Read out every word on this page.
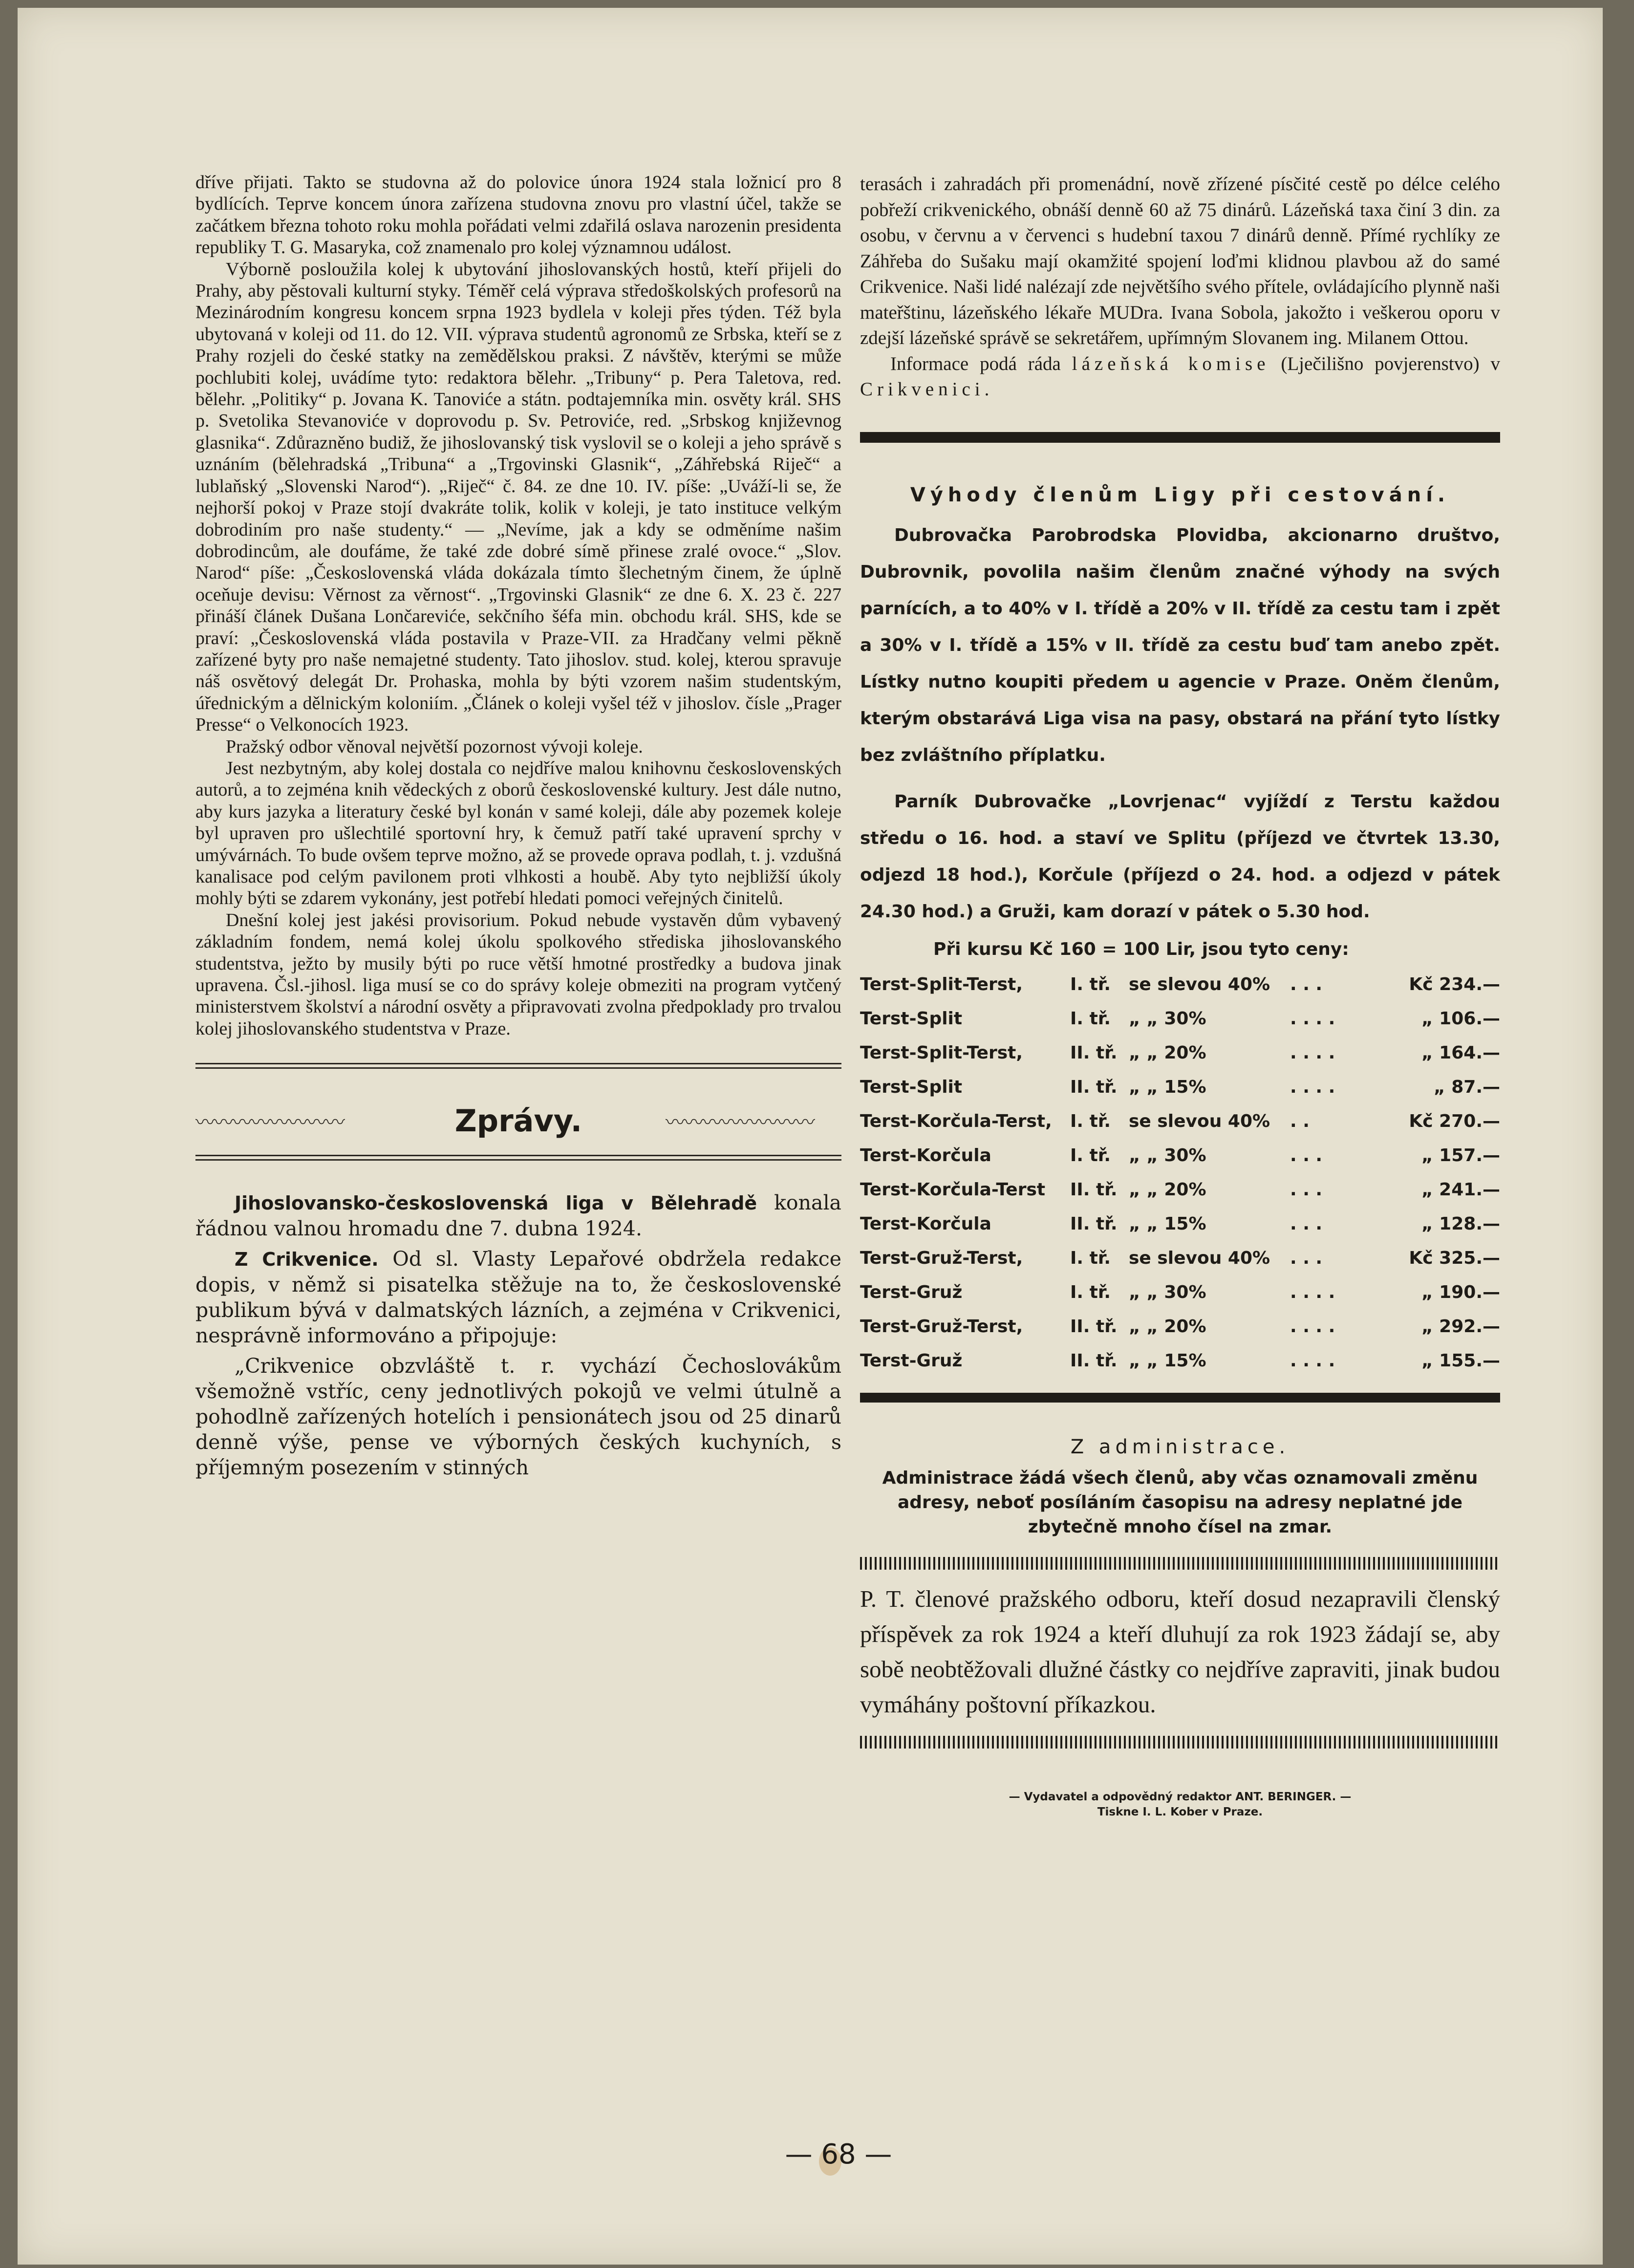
dříve přijati. Takto se studovna až do polovice února 1924 stala ložnicí pro 8 bydlících. Teprve koncem února zařízena studovna znovu pro vlastní účel, takže se začátkem března tohoto roku mohla pořádati velmi zdařilá oslava narozenin presidenta republiky T. G. Masaryka, což znamenalo pro kolej významnou událost.

Výborně posloužila kolej k ubytování jihoslovanských hostů, kteří přijeli do Prahy, aby pěstovali kulturní styky. Téměř celá výprava středoškolských profesorů na Mezinárodním kongresu koncem srpna 1923 bydlela v koleji přes týden. Též byla ubytovaná v koleji od 11. do 12. VII. výprava studentů agronomů ze Srbska, kteří se z Prahy rozjeli do české statky na zemědělskou praksi. Z návštěv, kterými se může pochlubiti kolej, uvádíme tyto: redaktora bělehr. „Tribuny“ p. Pera Taletova, red. bělehr. „Politiky“ p. Jovana K. Tanoviće a státn. podtajemníka min. osvěty král. SHS p. Svetolika Stevanoviće v doprovodu p. Sv. Petroviće, red. „Srbskog književnog glasnika“. Zdůrazněno budiž, že jihoslovanský tisk vyslovil se o koleji a jeho správě s uznáním (bělehradská „Tribuna“ a „Trgovinski Glasnik“, „Záhřebská Riječ“ a lublaňský „Slovenski Narod“). „Riječ“ č. 84. ze dne 10. IV. píše: „Uváží-li se, že nejhorší pokoj v Praze stojí dvakráte tolik, kolik v koleji, je tato instituce velkým dobrodiním pro naše studenty.“ — „Nevíme, jak a kdy se odměníme našim dobrodincům, ale doufáme, že také zde dobré símě přinese zralé ovoce.“ „Slov. Narod“ píše: „Československá vláda dokázala tímto šlechetným činem, že úplně oceňuje devisu: Věrnost za věrnost“. „Trgovinski Glasnik“ ze dne 6. X. 23 č. 227 přináší článek Dušana Lončareviće, sekčního šéfa min. obchodu král. SHS, kde se praví: „Československá vláda postavila v Praze-VII. za Hradčany velmi pěkně zařízené byty pro naše nemajetné studenty. Tato jihoslov. stud. kolej, kterou spravuje náš osvětový delegát Dr. Prohaska, mohla by býti vzorem našim studentským, úřednickým a dělnickým koloniím. „Článek o koleji vyšel též v jihoslov. čísle „Prager Presse“ o Velkonocích 1923.

Pražský odbor věnoval největší pozornost vývoji koleje.

Jest nezbytným, aby kolej dostala co nejdříve malou knihovnu československých autorů, a to zejména knih vědeckých z oborů československé kultury. Jest dále nutno, aby kurs jazyka a literatury české byl konán v samé koleji, dále aby pozemek koleje byl upraven pro ušlechtilé sportovní hry, k čemuž patří také upravení sprchy v umývárnách. To bude ovšem teprve možno, až se provede oprava podlah, t. j. vzdušná kanalisace pod celým pavilonem proti vlhkosti a houbě. Aby tyto nejbližší úkoly mohly býti se zdarem vykonány, jest potřebí hledati pomoci veřejných činitelů.

Dnešní kolej jest jakési provisorium. Pokud nebude vystavěn dům vybavený základním fondem, nemá kolej úkolu spolkového střediska jihoslovanského studentstva, ježto by musily býti po ruce větší hmotné prostředky a budova jinak upravena. Čsl.-jihosl. liga musí se co do správy koleje obmeziti na program vytčený ministerstvem školství a národní osvěty a připravovati zvolna předpoklady pro trvalou kolej jihoslovanského studentstva v Praze.

〰〰〰〰〰〰〰〰	Zprávy.	〰〰〰〰〰〰〰〰

Jihoslovansko-československá liga v Bělehradě konala řádnou valnou hromadu dne 7. dubna 1924.

Z Crikvenice. Od sl. Vlasty Lepařové obdržela redakce dopis, v němž si pisatelka stěžuje na to, že československé publikum bývá v dalmatských lázních, a zejména v Crikvenici, nesprávně informováno a připojuje:

„Crikvenice obzvláště t. r. vychází Čechoslovákům všemožně vstříc, ceny jednotlivých pokojů ve velmi útulně a pohodlně zařízených hotelích i pensionátech jsou od 25 dinarů denně výše, pense ve výborných českých kuchyních, s příjemným posezením v stinných

terasách i zahradách při promenádní, nově zřízené písčité cestě po délce celého pobřeží crikvenického, obnáší denně 60 až 75 dinárů. Lázeňská taxa činí 3 din. za osobu, v červnu a v červenci s hudební taxou 7 dinárů denně. Přímé rychlíky ze Záhřeba do Sušaku mají okamžité spojení loďmi klidnou plavbou až do samé Crikvenice. Naši lidé nalézají zde největšího svého přítele, ovládajícího plynně naši mateřštinu, lázeňského lékaře MUDra. Ivana Sobola, jakožto i veškerou oporu v zdejší lázeňské správě se sekretářem, upřímným Slovanem ing. Milanem Ottou.

Informace podá ráda lázeňská komise (Lječilišno povjerenstvo) v Crikvenici.

Výhody členům Ligy při cestování.

Dubrovačka Parobrodska Plovidba, akcionarno društvo, Dubrovnik, povolila našim členům značné výhody na svých parnících, a to 40% v I. třídě a 20% v II. třídě za cestu tam i zpět a 30% v I. třídě a 15% v II. třídě za cestu buď tam anebo zpět. Lístky nutno koupiti předem u agencie v Praze. Oněm členům, kterým obstarává Liga visa na pasy, obstará na přání tyto lístky bez zvláštního příplatku.

Parník Dubrovačke „Lovrjenac“ vyjíždí z Terstu každou středu o 16. hod. a staví ve Splitu (příjezd ve čtvrtek 13.30, odjezd 18 hod.), Korčule (příjezd o 24. hod. a odjezd v pátek 24.30 hod.) a Gruži, kam dorazí v pátek o 5.30 hod.

Při kursu Kč 160 = 100 Lir, jsou tyto ceny:

Terst-Split-Terst,	I. tř.	se slevou 40%	. . .	Kč 234.—
Terst-Split	I. tř.	„ „ 30%	. . . .	„ 106.—
Terst-Split-Terst,	II. tř.	„ „ 20%	. . . .	„ 164.—
Terst-Split	II. tř.	„ „ 15%	. . . .	„ 87.—
Terst-Korčula-Terst,	I. tř.	se slevou 40%	. .	Kč 270.—
Terst-Korčula	I. tř.	„ „ 30%	. . .	„ 157.—
Terst-Korčula-Terst	II. tř.	„ „ 20%	. . .	„ 241.—
Terst-Korčula	II. tř.	„ „ 15%	. . .	„ 128.—
Terst-Gruž-Terst,	I. tř.	se slevou 40%	. . .	Kč 325.—
Terst-Gruž	I. tř.	„ „ 30%	. . . .	„ 190.—
Terst-Gruž-Terst,	II. tř.	„ „ 20%	. . . .	„ 292.—
Terst-Gruž	II. tř.	„ „ 15%	. . . .	„ 155.—
Z administrace.

Administrace žádá všech členů, aby včas oznamovali změnu adresy, neboť posíláním časopisu na adresy neplatné jde zbytečně mnoho čísel na zmar.

P. T. členové pražského odboru, kteří dosud nezapravili členský příspěvek za rok 1924 a kteří dluhují za rok 1923 žádají se, aby sobě neobtěžovali dlužné částky co nejdříve zapraviti, jinak budou vymáhány poštovní příkazkou.

— Vydavatel a odpovědný redaktor ANT. BERINGER. —
Tiskne I. L. Kober v Praze.
— 68 —
